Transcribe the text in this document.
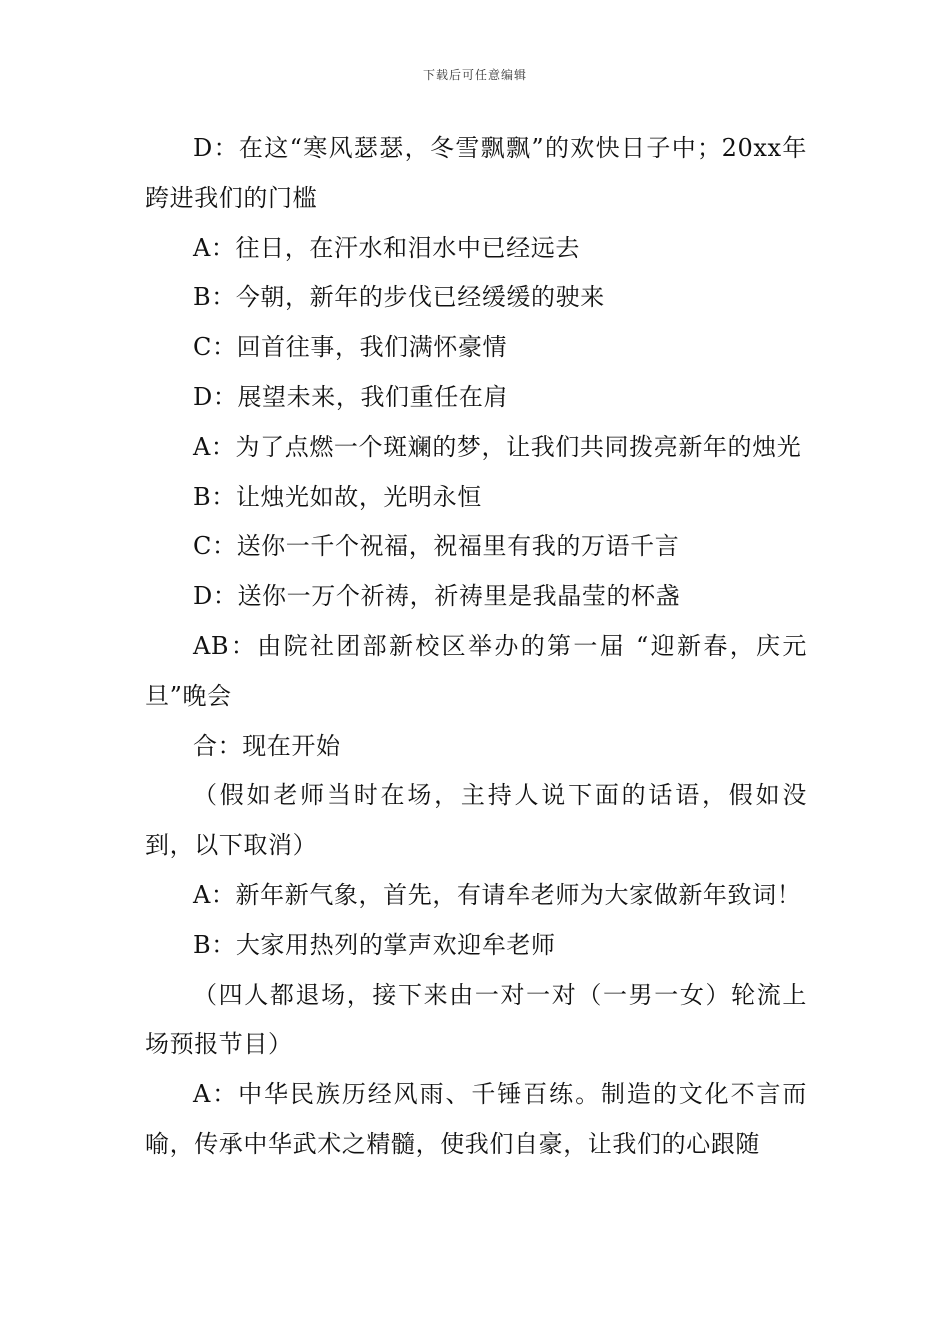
下载后可任意编辑

D：在这“寒风瑟瑟，冬雪飘飘”的欢快日子中；20xx年跨进我们的门槛

A：往日，在汗水和泪水中已经远去

B：今朝，新年的步伐已经缓缓的驶来

C：回首往事，我们满怀豪情

D：展望未来，我们重任在肩

A：为了点燃一个斑斓的梦，让我们共同拨亮新年的烛光

B：让烛光如故，光明永恒

C：送你一千个祝福，祝福里有我的万语千言

D：送你一万个祈祷，祈祷里是我晶莹的杯盏

AB：由院社团部新校区举办的第一届 “迎新春，庆元旦”晚会

合：现在开始

（假如老师当时在场，主持人说下面的话语，假如没到，以下取消）

A：新年新气象，首先，有请牟老师为大家做新年致词！

B：大家用热列的掌声欢迎牟老师

（四人都退场，接下来由一对一对（一男一女）轮流上场预报节目）

A：中华民族历经风雨、千锤百练。制造的文化不言而喻，传承中华武术之精髓，使我们自豪，让我们的心跟随
